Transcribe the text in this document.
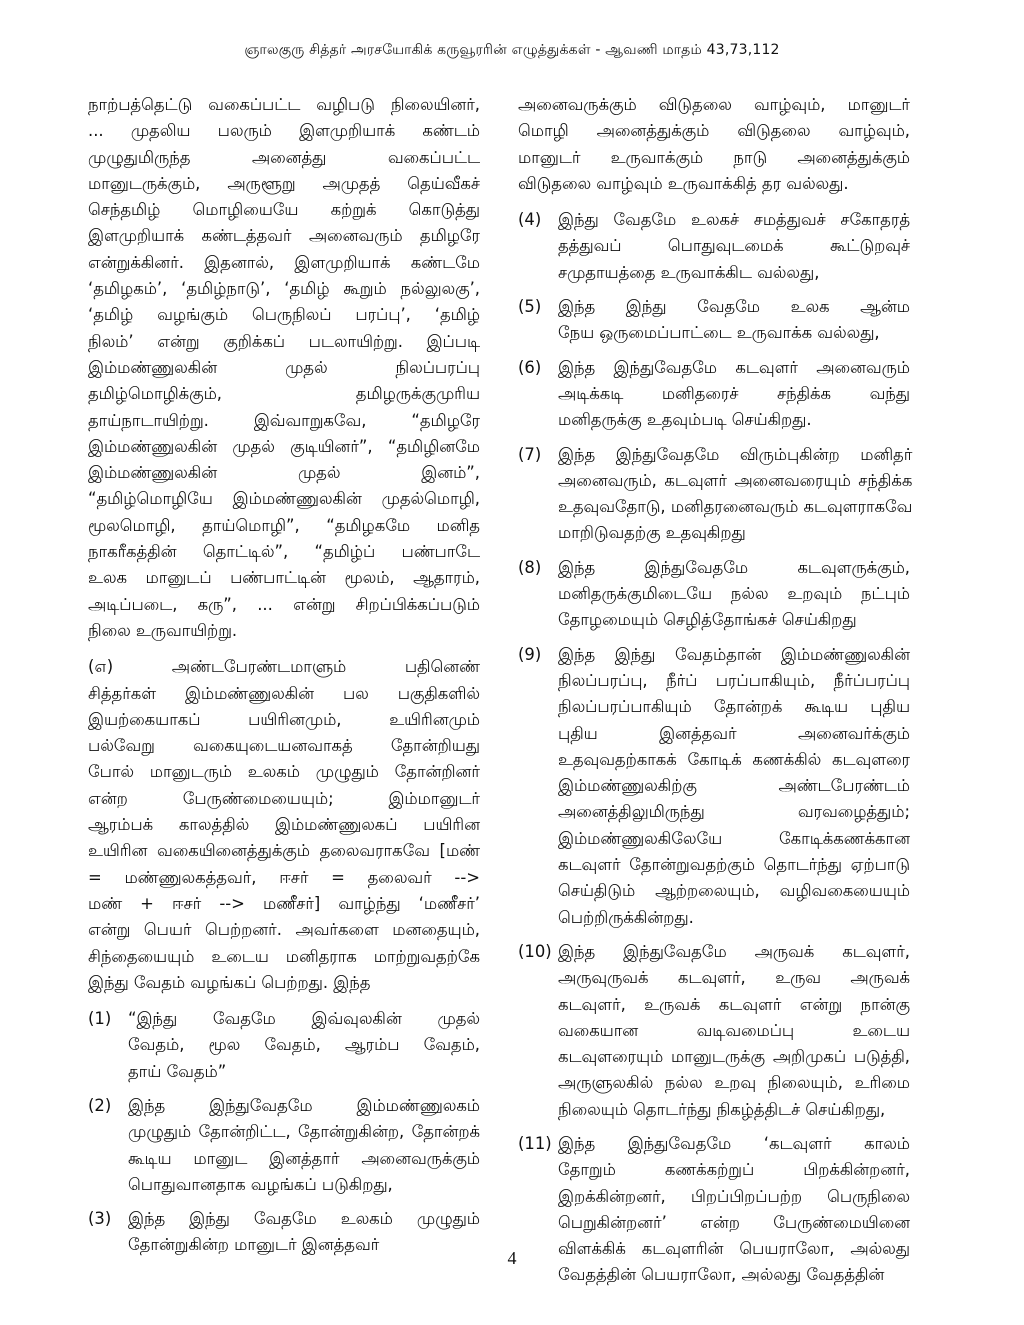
ஞாலகுரு சித்தர் அரசயோகிக் கருவூரரின் எழுத்துக்கள் - ஆவணி மாதம் 43,73,112
நாற்பத்தெட்டு வகைப்பட்ட வழிபடு நிலையினர்,
... முதலிய பலரும் இளமுறியாக் கண்டம்
முழுதுமிருந்த அனைத்து வகைப்பட்ட
மானுடருக்கும், அருளூறு அமுதத் தெய்வீகச்
செந்தமிழ் மொழியையே கற்றுக் கொடுத்து
இளமுறியாக் கண்டத்தவர் அனைவரும் தமிழரே
என்றுக்கினர். இதனால், இளமுறியாக் கண்டமே
‘தமிழகம்’, ‘தமிழ்நாடு’, ‘தமிழ் கூறும் நல்லுலகு’,
‘தமிழ் வழங்கும் பெருநிலப் பரப்பு’, ‘தமிழ்
நிலம்’ என்று குறிக்கப் படலாயிற்று. இப்படி
இம்மண்ணுலகின் முதல் நிலப்பரப்பு
தமிழ்மொழிக்கும், தமிழருக்குமுரிய
தாய்நாடாயிற்று. இவ்வாறுகவே, “தமிழரே
இம்மண்ணுலகின் முதல் குடியினர்”, “தமிழினமே
இம்மண்ணுலகின் முதல் இனம்”,
“தமிழ்மொழியே இம்மண்ணுலகின் முதல்மொழி,
மூலமொழி, தாய்மொழி”, “தமிழகமே மனித
நாகரீகத்தின் தொட்டில்”, “தமிழ்ப் பண்பாடே
உலக மானுடப் பண்பாட்டின் மூலம், ஆதாரம்,
அடிப்படை, கரு”, ... என்று சிறப்பிக்கப்படும்
நிலை உருவாயிற்று.
(௭) அண்டபேரண்டமாளும் பதினெண்
சித்தர்கள் இம்மண்ணுலகின் பல பகுதிகளில்
இயற்கையாகப் பயிரினமும், உயிரினமும்
பல்வேறு வகையுடையனவாகத் தோன்றியது
போல் மானுடரும் உலகம் முழுதும் தோன்றினர்
என்ற பேருண்மையையும்; இம்மானுடர்
ஆரம்பக் காலத்தில் இம்மண்ணுலகப் பயிரின
உயிரின வகையினைத்துக்கும் தலைவராகவே [மண்
= மண்ணுலகத்தவர், ஈசர் = தலைவர் -->
மண் + ஈசர் --> மணீசர்] வாழ்ந்து ‘மணீசர்’
என்று பெயர் பெற்றனர். அவர்களை மனதையும்,
சிந்தையையும் உடைய மனிதராக மாற்றுவதற்கே
இந்து வேதம் வழங்கப் பெற்றது. இந்த
(1)	“இந்து வேதமே இவ்வுலகின் முதல்
வேதம், மூல வேதம், ஆரம்ப வேதம்,
தாய் வேதம்”
(2)	இந்த இந்துவேதமே இம்மண்ணுலகம்
முழுதும் தோன்றிட்ட, தோன்றுகின்ற, தோன்றக்
கூடிய மானுட இனத்தார் அனைவருக்கும்
பொதுவானதாக வழங்கப் படுகிறது,
(3)	இந்த இந்து வேதமே உலகம் முழுதும்
தோன்றுகின்ற மானுடர் இனத்தவர்
அனைவருக்கும் விடுதலை வாழ்வும், மானுடர்
மொழி அனைத்துக்கும் விடுதலை வாழ்வும்,
மானுடர் உருவாக்கும் நாடு அனைத்துக்கும்
விடுதலை வாழ்வும் உருவாக்கித் தர வல்லது.
(4)	இந்து வேதமே உலகச் சமத்துவச் சகோதரத்
தத்துவப் பொதுவுடமைக் கூட்டுறவுச்
சமுதாயத்தை உருவாக்கிட வல்லது,
(5)	இந்த இந்து வேதமே உலக ஆன்ம
நேய ஒருமைப்பாட்டை உருவாக்க வல்லது,
(6)	இந்த இந்துவேதமே கடவுளர் அனைவரும்
அடிக்கடி மனிதரைச் சந்திக்க வந்து
மனிதருக்கு உதவும்படி செய்கிறது.
(7)	இந்த இந்துவேதமே விரும்புகின்ற மனிதர்
அனைவரும், கடவுளர் அனைவரையும் சந்திக்க
உதவுவதோடு, மனிதரனைவரும் கடவுளராகவே
மாறிடுவதற்கு உதவுகிறது
(8)	இந்த இந்துவேதமே கடவுளருக்கும்,
மனிதருக்குமிடையே நல்ல உறவும் நட்பும்
தோழமையும் செழித்தோங்கச் செய்கிறது
(9)	இந்த இந்து வேதம்தான் இம்மண்ணுலகின்
நிலப்பரப்பு, நீர்ப் பரப்பாகியும், நீர்ப்பரப்பு
நிலப்பரப்பாகியும் தோன்றக் கூடிய புதிய
புதிய இனத்தவர் அனைவர்க்கும்
உதவுவதற்காகக் கோடிக் கணக்கில் கடவுளரை
இம்மண்ணுலகிற்கு அண்டபேரண்டம்
அனைத்திலுமிருந்து வரவழைத்தும்;
இம்மண்ணுலகிலேயே கோடிக்கணக்கான
கடவுளர் தோன்றுவதற்கும் தொடர்ந்து ஏற்பாடு
செய்திடும் ஆற்றலையும், வழிவகையையும்
பெற்றிருக்கின்றது.
(10) இந்த இந்துவேதமே அருவக் கடவுளர்,
அருவுருவக் கடவுளர், உருவ அருவக்
கடவுளர், உருவக் கடவுளர் என்று நான்கு
வகையான வடிவமைப்பு உடைய
கடவுளரையும் மானுடருக்கு அறிமுகப் படுத்தி,
அருளுலகில் நல்ல உறவு நிலையும், உரிமை
நிலையும் தொடர்ந்து நிகழ்த்திடச் செய்கிறது,
(11) இந்த இந்துவேதமே ‘கடவுளர் காலம்
தோறும் கணக்கற்றுப் பிறக்கின்றனர்,
இறக்கின்றனர், பிறப்பிறப்பற்ற பெருநிலை
பெறுகின்றனர்’ என்ற பேருண்மையினை
விளக்கிக் கடவுளரின் பெயராலோ, அல்லது
வேதத்தின் பெயராலோ, அல்லது வேதத்தின்
4
